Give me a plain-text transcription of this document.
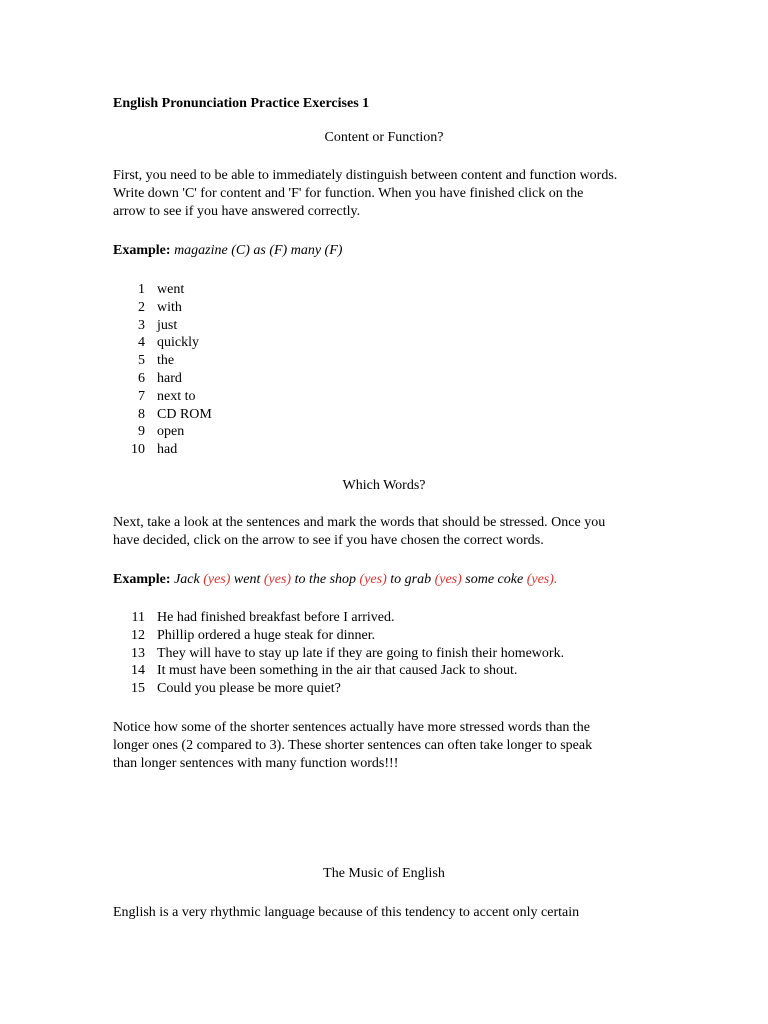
English Pronunciation Practice Exercises 1
Content or Function?

First, you need to be able to immediately distinguish between content and function words.

Write down 'C' for content and 'F' for function. When you have finished click on the

arrow to see if you have answered correctly.

Example: magazine (C) as (F) many (F)
1 went
2 with
3 just
4 quickly
5 the
6 hard
7 next to
8 CD ROM
9 open
10 had
Which Words?

Next, take a look at the sentences and mark the words that should be stressed. Once you

have decided, click on the arrow to see if you have chosen the correct words.

Example: Jack (yes) went (yes) to the shop (yes) to grab (yes) some coke (yes).
11 He had finished breakfast before I arrived.
12 Phillip ordered a huge steak for dinner.
13 They will have to stay up late if they are going to finish their homework.
14 It must have been something in the air that caused Jack to shout.
15 Could you please be more quiet?

Notice how some of the shorter sentences actually have more stressed words than the

longer ones (2 compared to 3). These shorter sentences can often take longer to speak

than longer sentences with many function words!!!

The Music of English

English is a very rhythmic language because of this tendency to accent only certain
